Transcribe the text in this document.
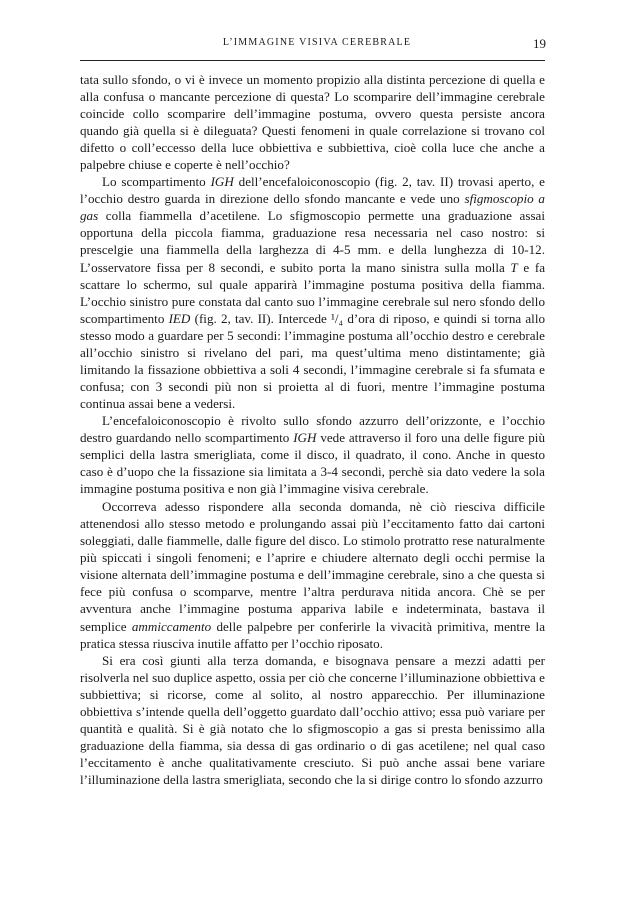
L’IMMAGINE VISIVA CEREBRALE	19

tata sullo sfondo, o vi è invece un momento propizio alla distinta percezione di quella e alla confusa o mancante percezione di questa? Lo scomparire dell’immagine cerebrale coincide collo scomparire dell’immagine postuma, ovvero questa persiste ancora quando già quella si è dileguata? Questi fenomeni in quale correlazione si trovano col difetto o coll’eccesso della luce obbiettiva e subbiettiva, cioè colla luce che anche a palpebre chiuse e coperte è nell’occhio?

Lo scompartimento IGH dell’encefaloiconoscopio (fig. 2, tav. II) trovasi aperto, e l’occhio destro guarda in direzione dello sfondo mancante e vede uno sfigmoscopio a gas colla fiammella d’acetilene. Lo sfigmoscopio permette una graduazione assai opportuna della piccola fiamma, graduazione resa necessaria nel caso nostro: si prescelgie una fiammella della larghezza di 4-5 mm. e della lunghezza di 10-12. L’osservatore fissa per 8 secondi, e subito porta la mano sinistra sulla molla T e fa scattare lo schermo, sul quale apparirà l’immagine postuma positiva della fiamma. L’occhio sinistro pure constata dal canto suo l’immagine cerebrale sul nero sfondo dello scompartimento IED (fig. 2, tav. II). Intercede ¹/₄ d’ora di riposo, e quindi si torna allo stesso modo a guardare per 5 secondi: l’immagine postuma all’occhio destro e cerebrale all’occhio sinistro si rivelano del pari, ma quest’ultima meno distintamente; già limitando la fissazione obbiettiva a soli 4 secondi, l’immagine cerebrale si fa sfumata e confusa; con 3 secondi più non si proietta al di fuori, mentre l’immagine postuma continua assai bene a vedersi.

L’encefaloiconoscopio è rivolto sullo sfondo azzurro dell’orizzonte, e l’occhio destro guardando nello scompartimento IGH vede attraverso il foro una delle figure più semplici della lastra smerigliata, come il disco, il quadrato, il cono. Anche in questo caso è d’uopo che la fissazione sia limitata a 3-4 secondi, perchè sia dato vedere la sola immagine postuma positiva e non già l’immagine visiva cerebrale.

Occorreva adesso rispondere alla seconda domanda, nè ciò riesciva difficile attenendosi allo stesso metodo e prolungando assai più l’eccitamento fatto dai cartoni soleggiati, dalle fiammelle, dalle figure del disco. Lo stimolo protratto rese naturalmente più spiccati i singoli fenomeni; e l’aprire e chiudere alternato degli occhi permise la visione alternata dell’immagine postuma e dell’immagine cerebrale, sino a che questa si fece più confusa o scomparve, mentre l’altra perdurava nitida ancora. Chè se per avventura anche l’immagine postuma appariva labile e indeterminata, bastava il semplice ammiccamento delle palpebre per conferirle la vivacità primitiva, mentre la pratica stessa riusciva inutile affatto per l’occhio riposato.

Si era così giunti alla terza domanda, e bisognava pensare a mezzi adatti per risolverla nel suo duplice aspetto, ossia per ciò che concerne l’illuminazione obbiettiva e subbiettiva; si ricorse, come al solito, al nostro apparecchio. Per illuminazione obbiettiva s’intende quella dell’oggetto guardato dall’occhio attivo; essa può variare per quantità e qualità. Si è già notato che lo sfigmoscopio a gas si presta benissimo alla graduazione della fiamma, sia dessa di gas ordinario o di gas acetilene; nel qual caso l’eccitamento è anche qualitativamente cresciuto. Si può anche assai bene variare l’illuminazione della lastra smerigliata, secondo che la si dirige contro lo sfondo azzurro
